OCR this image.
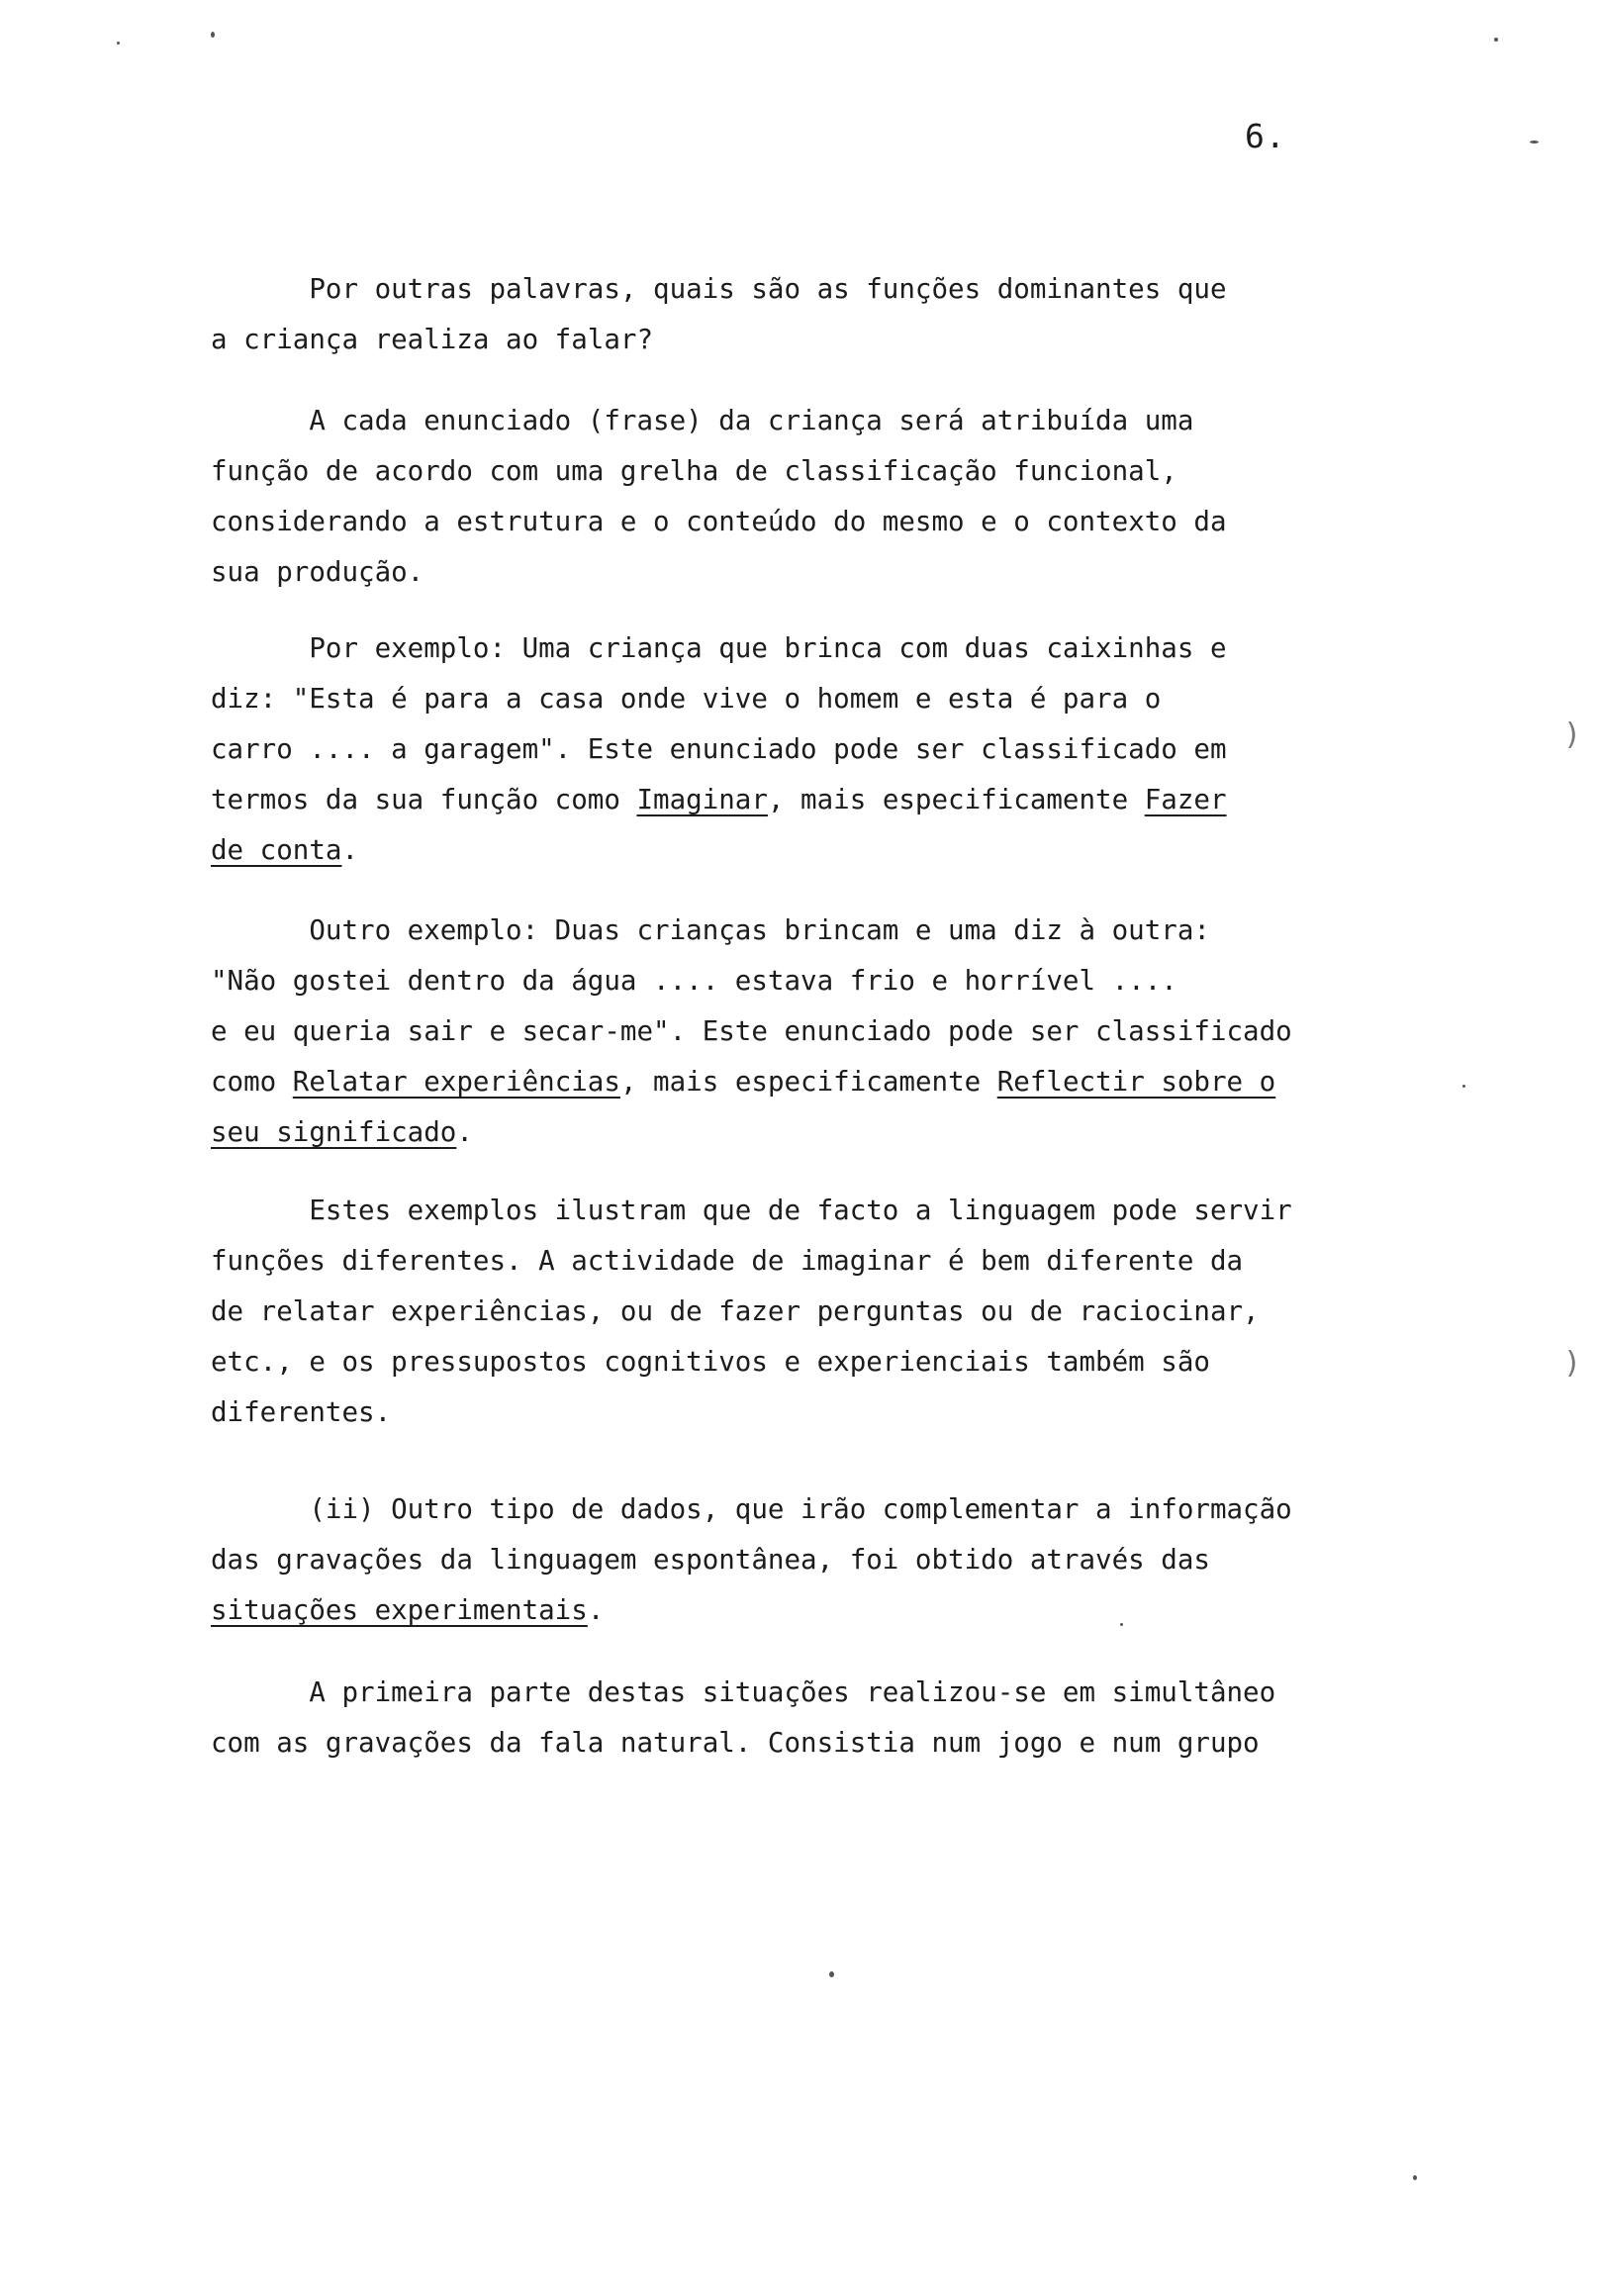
6.
Por outras palavras, quais são as funções dominantes que
a criança realiza ao falar?
A cada enunciado (frase) da criança será atribuída uma
função de acordo com uma grelha de classificação funcional,
considerando a estrutura e o conteúdo do mesmo e o contexto da
sua produção.
Por exemplo: Uma criança que brinca com duas caixinhas e
diz: "Esta é para a casa onde vive o homem e esta é para o
carro .... a garagem". Este enunciado pode ser classificado em
termos da sua função como Imaginar, mais especificamente Fazer
de conta.
Outro exemplo: Duas crianças brincam e uma diz à outra:
"Não gostei dentro da água .... estava frio e horrível ....
e eu queria sair e secar-me". Este enunciado pode ser classificado
como Relatar experiências, mais especificamente Reflectir sobre o
seu significado.
Estes exemplos ilustram que de facto a linguagem pode servir
funções diferentes. A actividade de imaginar é bem diferente da
de relatar experiências, ou de fazer perguntas ou de raciocinar,
etc., e os pressupostos cognitivos e experienciais também são
diferentes.
(ii) Outro tipo de dados, que irão complementar a informação
das gravações da linguagem espontânea, foi obtido através das
situações experimentais.
A primeira parte destas situações realizou-se em simultâneo
com as gravações da fala natural. Consistia num jogo e num grupo
)
)
